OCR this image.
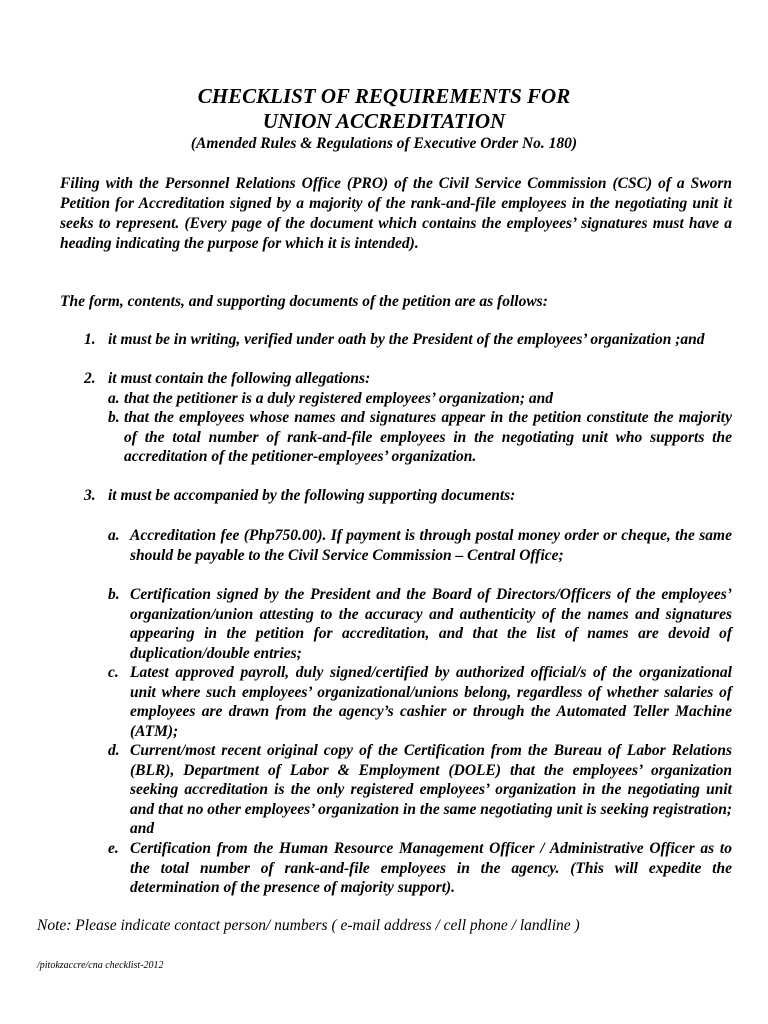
CHECKLIST OF REQUIREMENTS FOR
UNION ACCREDITATION
(Amended Rules & Regulations of Executive Order No. 180)
Filing with the Personnel Relations Office (PRO) of the Civil Service Commission (CSC) of a Sworn Petition for Accreditation signed by a majority of the rank-and-file employees in the negotiating unit it seeks to represent. (Every page of the document which contains the employees’ signatures must have a heading indicating the purpose for which it is intended).
The form, contents, and supporting documents of the petition are as follows:
1. it must be in writing, verified under oath by the President of the employees’ organization ;and
2. it must contain the following allegations:
a. that the petitioner is a duly registered employees’ organization; and
b. that the employees whose names and signatures appear in the petition constitute the majority of the total number of rank-and-file employees in the negotiating unit who supports the accreditation of the petitioner-employees’ organization.
3. it must be accompanied by the following supporting documents:
a. Accreditation fee (Php750.00). If payment is through postal money order or cheque, the same should be payable to the Civil Service Commission – Central Office;
b. Certification signed by the President and the Board of Directors/Officers of the employees’ organization/union attesting to the accuracy and authenticity of the names and signatures appearing in the petition for accreditation, and that the list of names are devoid of duplication/double entries;
c. Latest approved payroll, duly signed/certified by authorized official/s of the organizational unit where such employees’ organizational/unions belong, regardless of whether salaries of employees are drawn from the agency’s cashier or through the Automated Teller Machine (ATM);
d. Current/most recent original copy of the Certification from the Bureau of Labor Relations (BLR), Department of Labor & Employment (DOLE) that the employees’ organization seeking accreditation is the only registered employees’ organization in the negotiating unit and that no other employees’ organization in the same negotiating unit is seeking registration; and
e. Certification from the Human Resource Management Officer / Administrative Officer as to the total number of rank-and-file employees in the agency. (This will expedite the determination of the presence of majority support).
Note: Please indicate contact person/ numbers ( e-mail address / cell phone / landline )
/pitokzaccre/cna checklist-2012
